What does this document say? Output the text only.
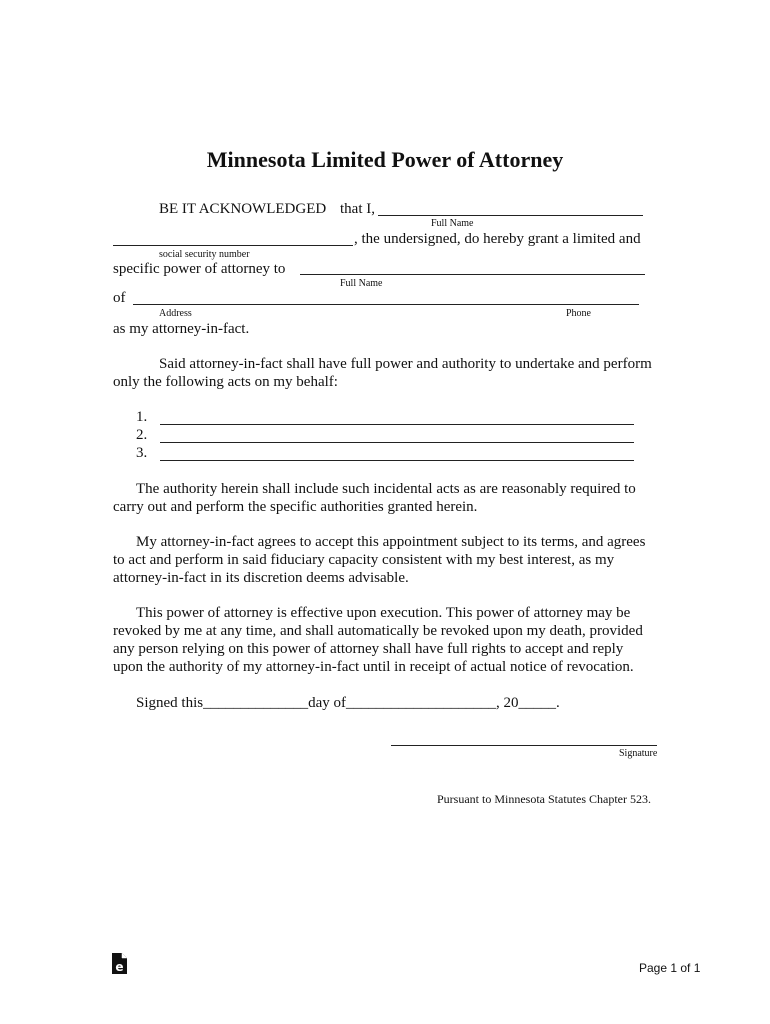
Minnesota Limited Power of Attorney
BE IT ACKNOWLEDGED that I,
Full Name
, the undersigned, do hereby grant a limited and
social security number
specific power of attorney to
Full Name
of
Address	Phone
as my attorney-in-fact.
Said attorney-in-fact shall have full power and authority to undertake and perform
only the following acts on my behalf:
1.
2.
3.
The authority herein shall include such incidental acts as are reasonably required to
carry out and perform the specific authorities granted herein.
My attorney-in-fact agrees to accept this appointment subject to its terms, and agrees
to act and perform in said fiduciary capacity consistent with my best interest, as my
attorney-in-fact in its discretion deems advisable.
This power of attorney is effective upon execution. This power of attorney may be
revoked by me at any time, and shall automatically be revoked upon my death, provided
any person relying on this power of attorney shall have full rights to accept and reply
upon the authority of my attorney-in-fact until in receipt of actual notice of revocation.
Signed this______________day of____________________, 20_____.
Signature
Pursuant to Minnesota Statutes Chapter 523.
e	Page 1 of 1
